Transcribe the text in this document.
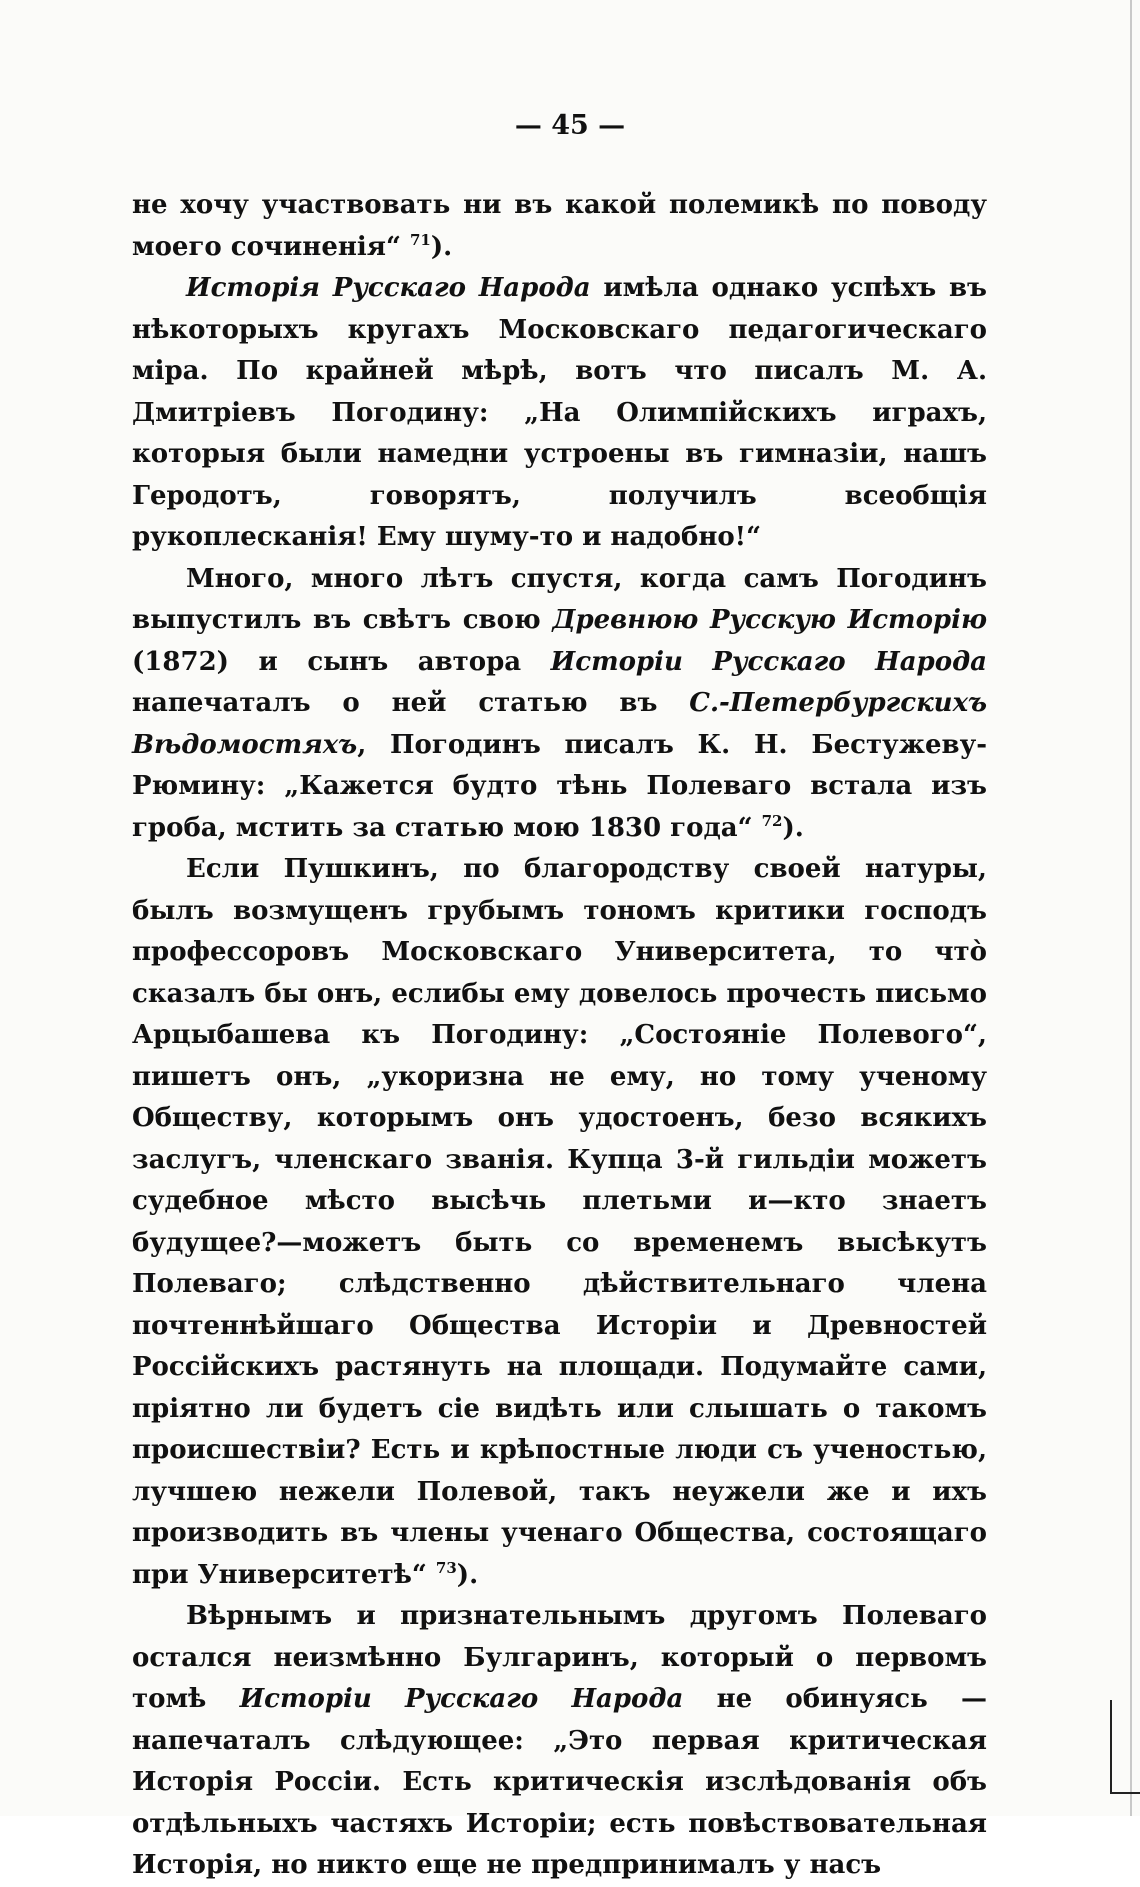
— 45 —

не хочу участвовать ни въ какой полемикѣ по поводу моего сочиненія“ $^{71}$).

Исторія Русскаго Народа имѣла однако успѣхъ въ нѣкоторыхъ кругахъ Московскаго педагогическаго міра. По крайней мѣрѣ, вотъ что писалъ М. А. Дмитріевъ Погодину: „На Олимпійскихъ играхъ, которыя были намедни устроены въ гимназіи, нашъ Геродотъ, говорятъ, получилъ всеобщія рукоплесканія! Ему шуму-то и надобно!“

Много, много лѣтъ спустя, когда самъ Погодинъ выпустилъ въ свѣтъ свою Древнюю Русскую Исторію (1872) и сынъ автора Исторіи Русскаго Народа напечаталъ о ней статью въ С.-Петербургскихъ Вѣдомостяхъ, Погодинъ писалъ К. Н. Бестужеву-Рюмину: „Кажется будто тѣнь Полеваго встала изъ гроба, мстить за статью мою 1830 года“ $^{72}$).

Если Пушкинъ, по благородству своей натуры, былъ возмущенъ грубымъ тономъ критики господъ профессоровъ Московскаго Университета, то чтò сказалъ бы онъ, еслибы ему довелось прочесть письмо Арцыбашева къ Погодину: „Состояніе Полевого“, пишетъ онъ, „укоризна не ему, но тому ученому Обществу, которымъ онъ удостоенъ, безо всякихъ заслугъ, членскаго званія. Купца 3-й гильдіи можетъ судебное мѣсто высѣчь плетьми и—кто знаетъ будущее?—можетъ быть со временемъ высѣкутъ Полеваго; слѣдственно дѣйствительнаго члена почтеннѣйшаго Общества Исторіи и Древностей Россійскихъ растянуть на площади. Подумайте сами, пріятно ли будетъ сіе видѣть или слышать о такомъ происшествіи? Есть и крѣпостные люди съ ученостью, лучшею нежели Полевой, такъ неужели же и ихъ производить въ члены ученаго Общества, состоящаго при Университетѣ“ $^{73}$).

Вѣрнымъ и признательнымъ другомъ Полеваго остался неизмѣнно Булгаринъ, который о первомъ томѣ Исторіи Русскаго Народа не обинуясь — напечаталъ слѣдующее: „Это первая критическая Исторія Россіи. Есть критическія изслѣдованія объ отдѣльныхъ частяхъ Исторіи; есть повѣствовательная Исторія, но никто еще не предпринималъ у насъ
